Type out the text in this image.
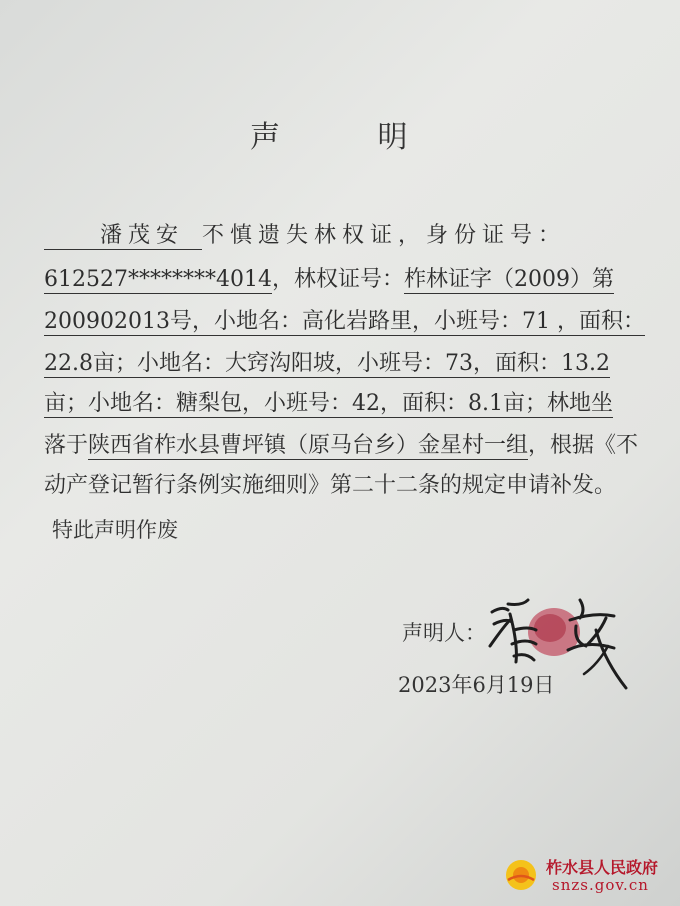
声 明
潘茂安 不慎遗失林权证，身份证号：
612527********4014，林权证号：柞林证字（2009）第
200902013号，小地名：高化岩路里，小班号：71 ，面积：
22.8亩；小地名：大窍沟阳坡，小班号：73，面积：13.2
亩；小地名：糖梨包，小班号：42，面积：8.1亩；林地坐
落于陕西省柞水县曹坪镇（原马台乡）金星村一组，根据《不
动产登记暂行条例实施细则》第二十二条的规定申请补发。
特此声明作废
声明人：
2023年6月19日
柞水县人民政府
snzs.gov.cn
